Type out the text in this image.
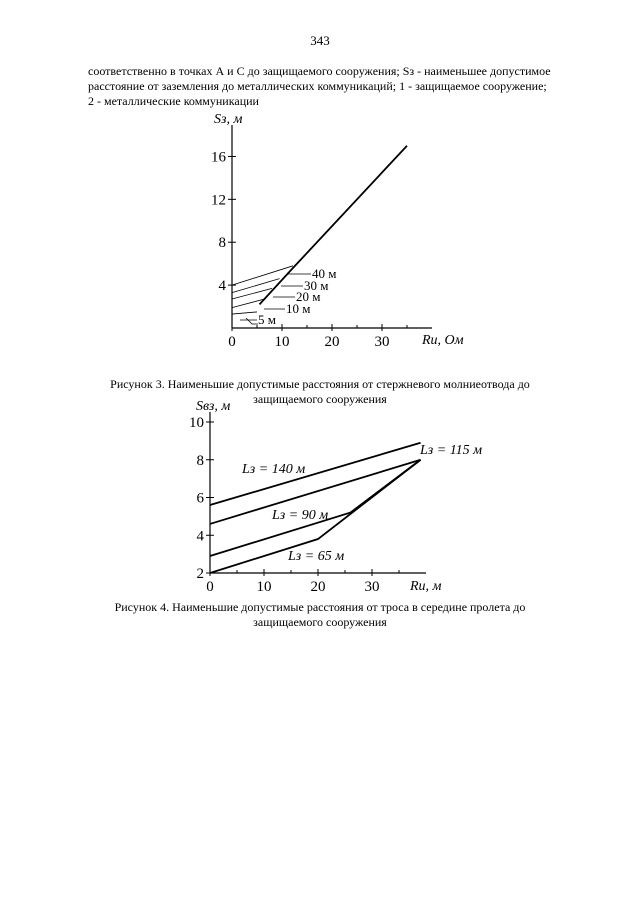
343
соответственно в точках А и С до защищаемого сооружения; Sз - наименьшее допустимое
расстояние от заземления до металлических коммуникаций; 1 - защищаемое сооружение;
2 - металлические коммуникации
4
8
12
16
0	10 20 30
Sз, м
Rи, Ом
40 м
30 м
20 м
10 м
5 м
2
4
6
8
10
0	10	20	30
Sвз, м
Rи, м
Lз = 140 м
Lз = 115 м
Lз = 90 м
Lз = 65 м
Рисунок 3. Наименьшие допустимые расстояния от стержневого молниеотвода до защищаемого сооружения
Рисунок 4. Наименьшие допустимые расстояния от троса в середине пролета до защищаемого сооружения
